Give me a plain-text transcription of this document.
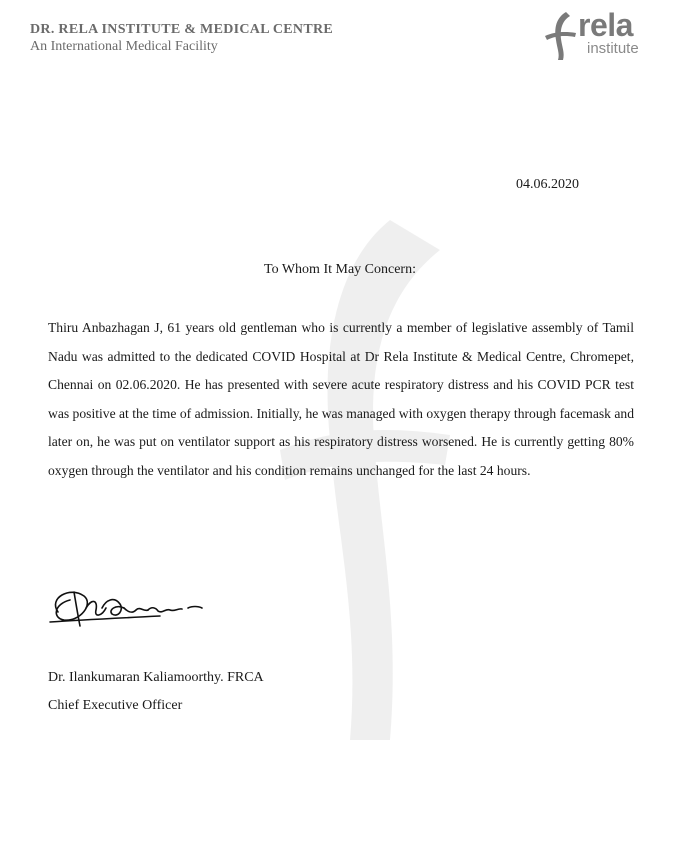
DR. RELA INSTITUTE & MEDICAL CENTRE
An International Medical Facility
rela
institute
04.06.2020
To Whom It May Concern:
Thiru Anbazhagan J, 61 years old gentleman who is currently a member of legislative assembly of Tamil Nadu was admitted to the dedicated COVID Hospital at Dr Rela Institute & Medical Centre, Chromepet, Chennai on 02.06.2020. He has presented with severe acute respiratory distress and his COVID PCR test was positive at the time of admission. Initially, he was managed with oxygen therapy through facemask and later on, he was put on ventilator support as his respiratory distress worsened. He is currently getting 80% oxygen through the ventilator and his condition remains unchanged for the last 24 hours.
Dr. Ilankumaran Kaliamoorthy. FRCA
Chief Executive Officer
